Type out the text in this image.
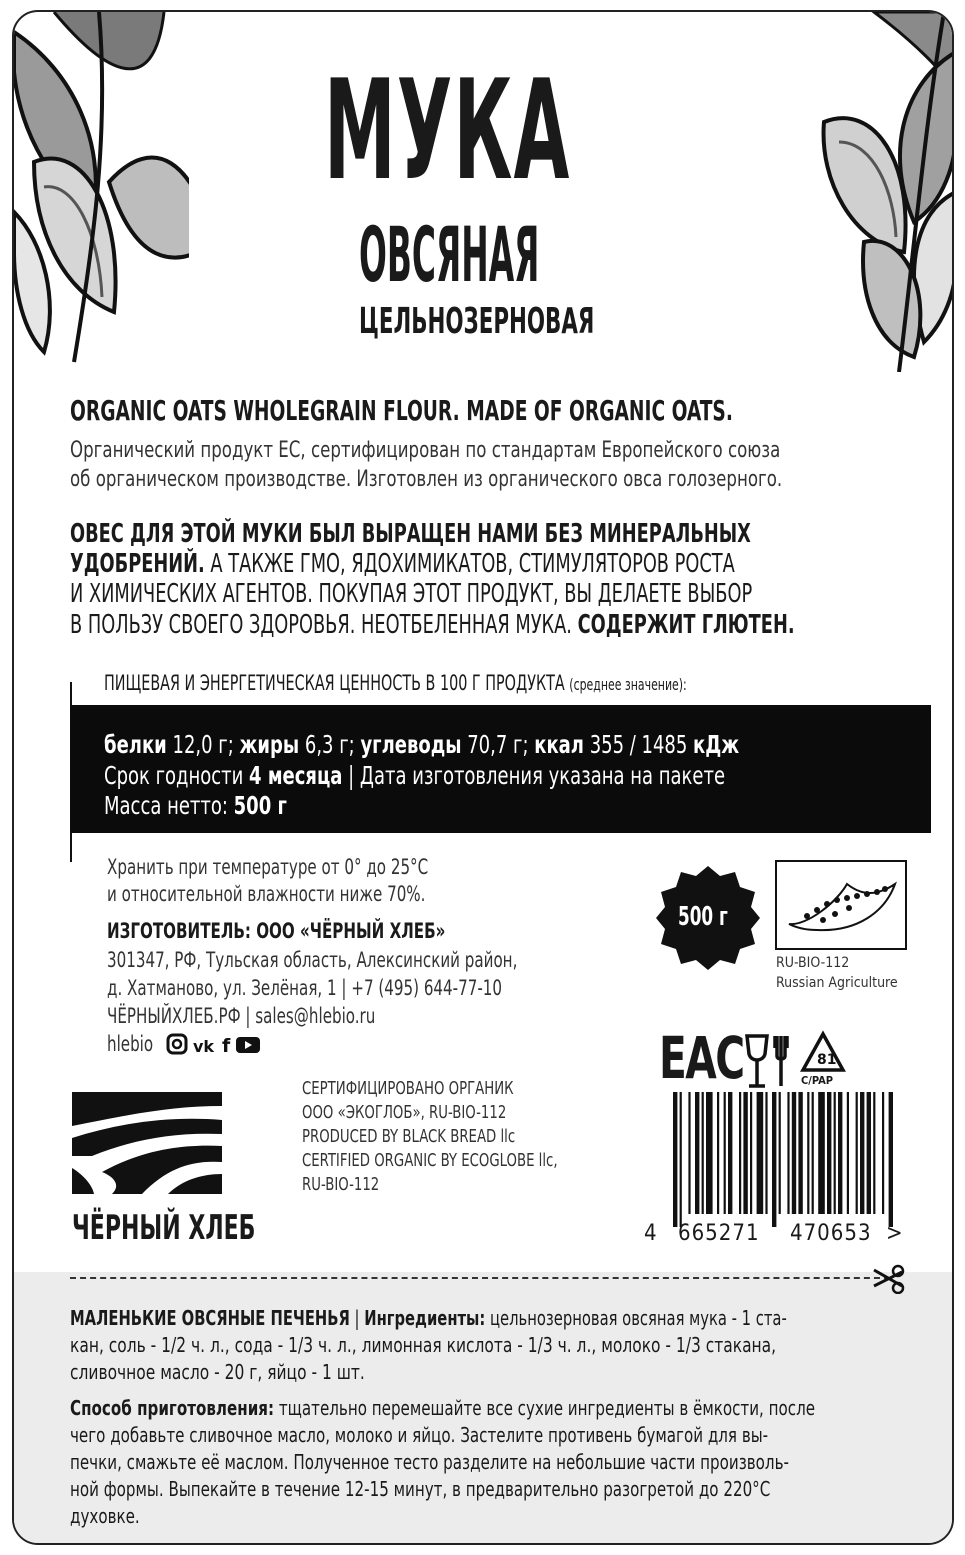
МУКА
ОВСЯНАЯ
ЦЕЛЬНОЗЕРНОВАЯ
ORGANIC OATS WHOLEGRAIN FLOUR. MADE OF ORGANIC OATS.
Органический продукт ЕС, сертифицирован по стандартам Европейского союза
об органическом производстве. Изготовлен из органического овса голозерного.
ОВЕС ДЛЯ ЭТОЙ МУКИ БЫЛ ВЫРАЩЕН НАМИ БЕЗ МИНЕРАЛЬНЫХ
УДОБРЕНИЙ. А ТАКЖЕ ГМО, ЯДОХИМИКАТОВ, СТИМУЛЯТОРОВ РОСТА
И ХИМИЧЕСКИХ АГЕНТОВ. ПОКУПАЯ ЭТОТ ПРОДУКТ, ВЫ ДЕЛАЕТЕ ВЫБОР
В ПОЛЬЗУ СВОЕГО ЗДОРОВЬЯ. НЕОТБЕЛЕННАЯ МУКА. СОДЕРЖИТ ГЛЮТЕН.
ПИЩЕВАЯ И ЭНЕРГЕТИЧЕСКАЯ ЦЕННОСТЬ В 100 Г ПРОДУКТА (среднее значение):
белки 12,0 г; жиры 6,3 г; углеводы 70,7 г; ккал 355 / 1485 кДж
Срок годности 4 месяца | Дата изготовления указана на пакете
Масса нетто: 500 г
Хранить при температуре от 0° до 25°С
и относительной влажности ниже 70%.
ИЗГОТОВИТЕЛЬ: ООО «ЧЁРНЫЙ ХЛЕБ»
301347, РФ, Тульская область, Алексинский район,
д. Хатманово, ул. Зелёная, 1 | +7 (495) 644-77-10
ЧЁРНЫЙХЛЕБ.РФ | sales@hlebio.ru
hlebio vk f
500 г
RU-BIO-112
Russian Agriculture
EAC	81
C/PAP
4 665271 470653 >
ЧЁРНЫЙ ХЛЕБ
СЕРТИФИЦИРОВАНО ОРГАНИК
ООО «ЭКОГЛОБ», RU-BIO-112
PRODUCED BY BLACK BREAD llc
CERTIFIED ORGANIC BY ECOGLOBE llc,
RU-BIO-112
МАЛЕНЬКИЕ ОВСЯНЫЕ ПЕЧЕНЬЯ | Ингредиенты: цельнозерновая овсяная мука - 1 ста-
кан, соль - 1/2 ч. л., сода - 1/3 ч. л., лимонная кислота - 1/3 ч. л., молоко - 1/3 стакана,
сливочное масло - 20 г, яйцо - 1 шт.
Способ приготовления: тщательно перемешайте все сухие ингредиенты в ёмкости, после
чего добавьте сливочное масло, молоко и яйцо. Застелите противень бумагой для вы-
печки, смажьте её маслом. Полученное тесто разделите на небольшие части произволь-
ной формы. Выпекайте в течение 12-15 минут, в предварительно разогретой до 220°С
духовке.
